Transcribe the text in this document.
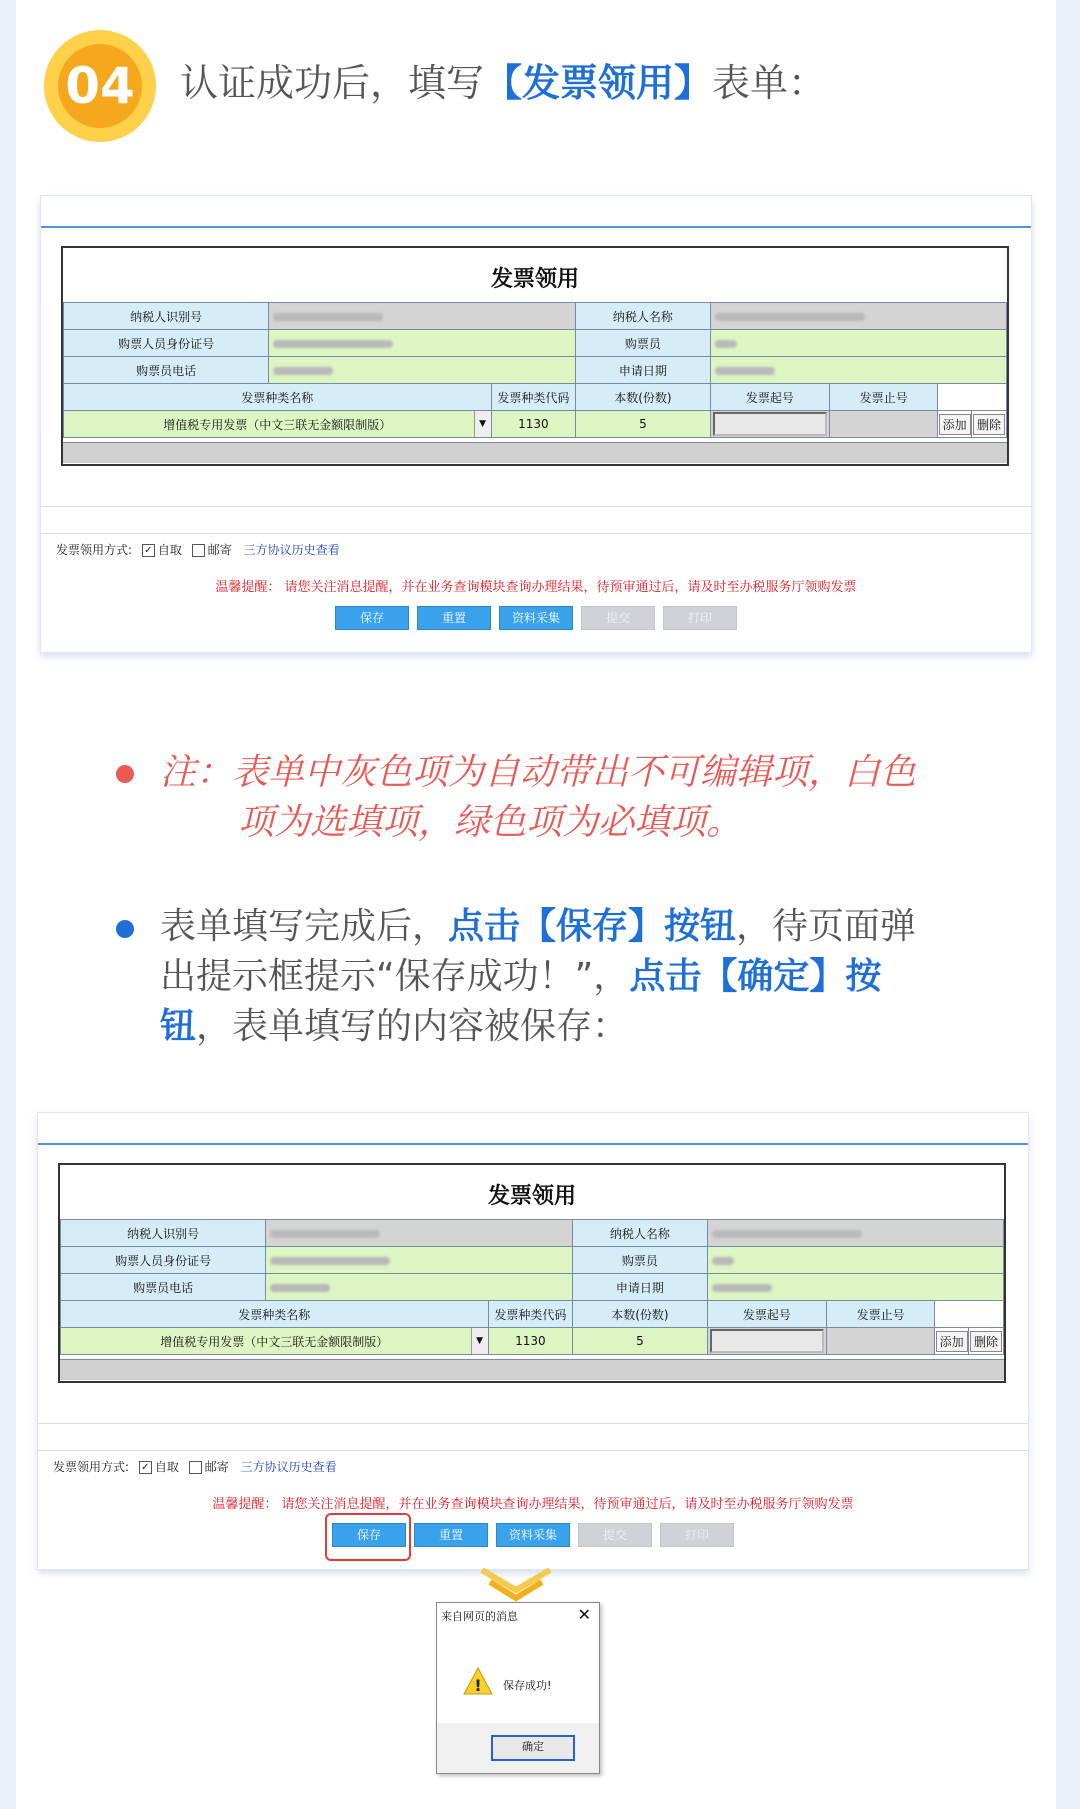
04 认证成功后，填写【发票领用】表单：
发票领用
纳税人识别号			纳税人名称				
购票人员身份证号			购票员				
购票员电话			申请日期				
发票种类名称		发票种类代码	本数(份数)	发票起号	发票止号		
增值税专用发票（中文三联无金额限制版） ▼		1130	5			添加	删除
发票领用方式: ✓ 自取 邮寄 三方协议历史查看
温馨提醒： 请您关注消息提醒，并在业务查询模块查询办理结果，待预审通过后，请及时至办税服务厅领购发票
保存	重置	资料采集	提交	打印
注：表单中灰色项为自动带出不可编辑项，白色
项为选填项，绿色项为必填项。
表单填写完成后，点击【保存】按钮，待页面弹
出提示框提示“保存成功！”，点击【确定】按
钮，表单填写的内容被保存：
发票领用
纳税人识别号			纳税人名称				
购票人员身份证号			购票员				
购票员电话			申请日期				
发票种类名称		发票种类代码	本数(份数)	发票起号	发票止号		
增值税专用发票（中文三联无金额限制版） ▼		1130	5			添加	删除
发票领用方式: ✓ 自取 邮寄 三方协议历史查看
温馨提醒： 请您关注消息提醒，并在业务查询模块查询办理结果，待预审通过后，请及时至办税服务厅领购发票
保存	重置	资料采集	提交	打印
来自网页的消息	✕
! 保存成功!
确定
